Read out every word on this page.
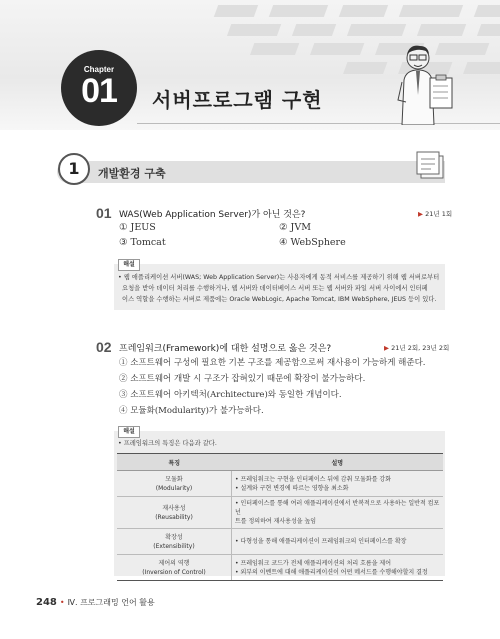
Chapter
01	서버프로그램 구현
1	개발환경 구축
01 WAS(Web Application Server)가 아닌 것은?	▶ 21년 1회
① JEUS	② JVM
③ Tomcat	④ WebSphere
해설
• 웹 애플리케이션 서버(WAS; Web Application Server)는 사용자에게 동적 서비스를 제공하기 위해 웹 서버로부터
요청을 받아 데이터 처리를 수행하거나, 웹 서버와 데이터베이스 서버 또는 웹 서버와 파일 서버 사이에서 인터페
이스 역할을 수행하는 서버로 제품에는 Oracle WebLogic, Apache Tomcat, IBM WebSphere, JEUS 등이 있다.
02 프레임워크(Framework)에 대한 설명으로 옳은 것은?	▶ 21년 2회, 23년 2회
① 소프트웨어 구성에 필요한 기본 구조를 제공함으로써 재사용이 가능하게 해준다.
② 소프트웨어 개발 시 구조가 잡혀있기 때문에 확장이 불가능하다.
③ 소프트웨어 아키텍처(Architecture)와 동일한 개념이다.
④ 모듈화(Modularity)가 불가능하다.
해설
• 프레임워크의 특징은 다음과 같다.
특징	설명
모듈화
(Modularity)	• 프레임워크는 구현을 인터페이스 뒤에 감춰 모듈화를 강화
• 설계와 구현 변경에 따르는 영향을 최소화
재사용성
(Reusability)	• 인터페이스를 통해 여러 애플리케이션에서 반복적으로 사용하는 일반적 컴포넌
트를 정의하여 재사용성을 높임
확장성
(Extensibility)	• 다형성을 통해 애플리케이션이 프레임워크의 인터페이스를 확장
제어의 역행
(Inversion of Control)	• 프레임워크 코드가 전체 애플리케이션의 처리 흐름을 제어
• 외부의 이벤트에 대해 애플리케이션이 어떤 메서드를 수행해야할지 결정
248 • Ⅳ. 프로그래밍 언어 활용
